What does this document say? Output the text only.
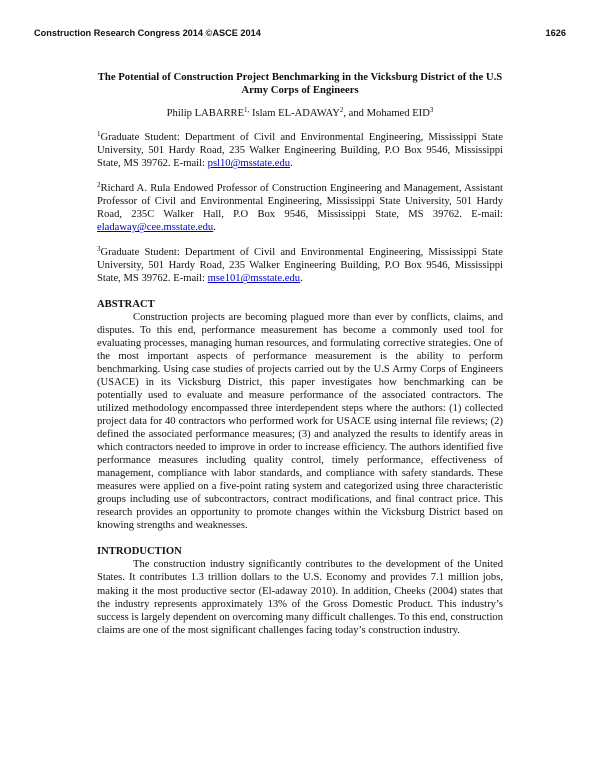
Construction Research Congress 2014 ©ASCE 2014	1626

The Potential of Construction Project Benchmarking in the Vicksburg District of the U.S Army Corps of Engineers

Philip $LABARRE^{1,}$ Islam EL-ADAWAY$^2$, and Mohamed EID$^3$

$^1$Graduate Student: Department of Civil and Environmental Engineering, Mississippi State University, 501 Hardy Road, 235 Walker Engineering Building, P.O Box 9546, Mississippi State, MS 39762. E-mail: psl10@msstate.edu.

$^2$Richard A. Rula Endowed Professor of Construction Engineering and Management, Assistant Professor of Civil and Environmental Engineering, Mississippi State University, 501 Hardy Road, 235C Walker Hall, P.O Box 9546, Mississippi State, MS 39762. E-mail: eladaway@cee.msstate.edu.

$^3$Graduate Student: Department of Civil and Environmental Engineering, Mississippi State University, 501 Hardy Road, 235 Walker Engineering Building, P.O Box 9546, Mississippi State, MS 39762. E-mail: mse101@msstate.edu.

ABSTRACT

Construction projects are becoming plagued more than ever by conflicts, claims, and disputes. To this end, performance measurement has become a commonly used tool for evaluating processes, managing human resources, and formulating corrective strategies. One of the most important aspects of performance measurement is the ability to perform benchmarking. Using case studies of projects carried out by the U.S Army Corps of Engineers (USACE) in its Vicksburg District, this paper investigates how benchmarking can be potentially used to evaluate and measure performance of the associated contractors. The utilized methodology encompassed three interdependent steps where the authors: (1) collected project data for 40 contractors who performed work for USACE using internal file reviews; (2) defined the associated performance measures; (3) and analyzed the results to identify areas in which contractors needed to improve in order to increase efficiency. The authors identified five performance measures including quality control, timely performance, effectiveness of management, compliance with labor standards, and compliance with safety standards. These measures were applied on a five-point rating system and categorized using three characteristic groups including use of subcontractors, contract modifications, and final contract price. This research provides an opportunity to promote changes within the Vicksburg District based on knowing strengths and weaknesses.

INTRODUCTION

The construction industry significantly contributes to the development of the United States. It contributes 1.3 trillion dollars to the U.S. Economy and provides 7.1 million jobs, making it the most productive sector (El-adaway 2010). In addition, Cheeks (2004) states that the industry represents approximately 13% of the Gross Domestic Product. This industry’s success is largely dependent on overcoming many difficult challenges. To this end, construction claims are one of the most significant challenges facing today’s construction industry.
